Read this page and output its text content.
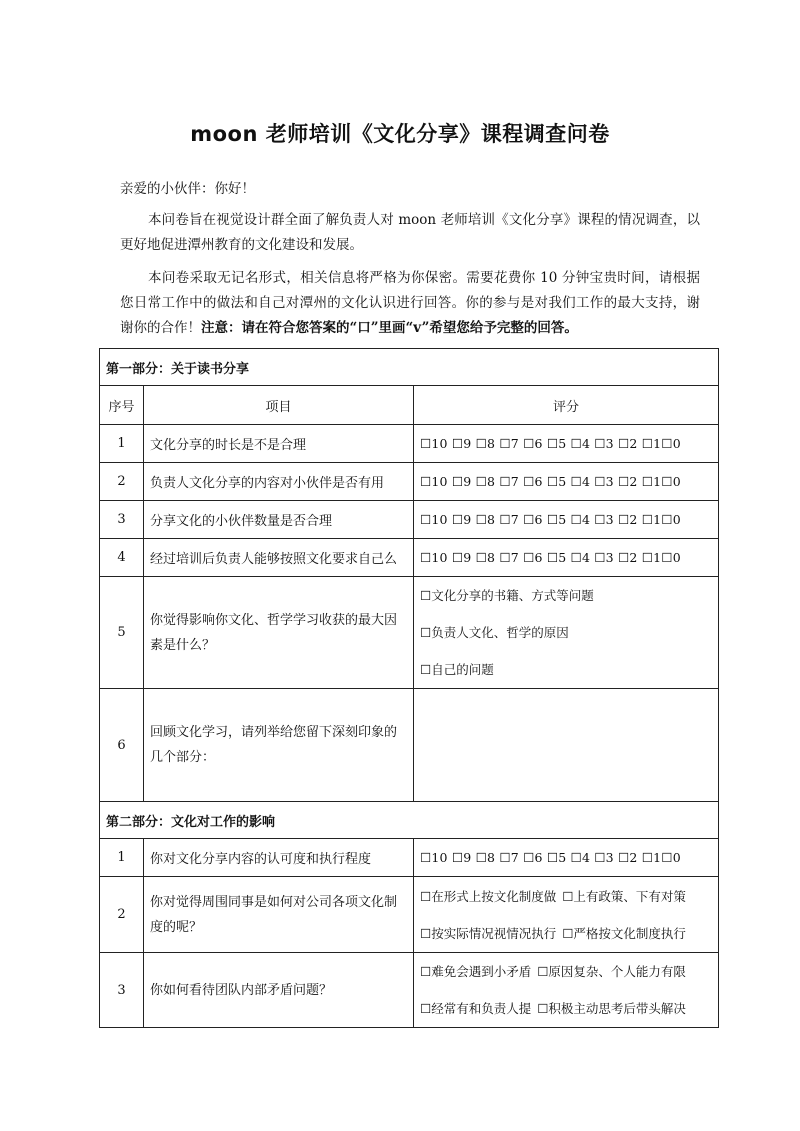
moon 老师培训《文化分享》课程调查问卷
亲爱的小伙伴：你好！
本问卷旨在视觉设计群全面了解负责人对 moon 老师培训《文化分享》课程的情况调查，以更好地促进潭州教育的文化建设和发展。
本问卷采取无记名形式，相关信息将严格为你保密。需要花费你 10 分钟宝贵时间，请根据您日常工作中的做法和自己对潭州的文化认识进行回答。你的参与是对我们工作的最大支持，谢谢你的合作！注意：请在符合您答案的“口”里画“v”希望您给予完整的回答。
第一部分：关于读书分享		
序号	项目	评分
1	文化分享的时长是不是合理	☐10 ☐9 ☐8 ☐7 ☐6 ☐5 ☐4 ☐3 ☐2 ☐1☐0
2	负责人文化分享的内容对小伙伴是否有用	☐10 ☐9 ☐8 ☐7 ☐6 ☐5 ☐4 ☐3 ☐2 ☐1☐0
3	分享文化的小伙伴数量是否合理	☐10 ☐9 ☐8 ☐7 ☐6 ☐5 ☐4 ☐3 ☐2 ☐1☐0
4	经过培训后负责人能够按照文化要求自己么	☐10 ☐9 ☐8 ☐7 ☐6 ☐5 ☐4 ☐3 ☐2 ☐1☐0
5	你觉得影响你文化、哲学学习收获的最大因素是什么？	☐文化分享的书籍、方式等问题
☐负责人文化、哲学的原因
☐自己的问题

6	回顾文化学习，请列举给您留下深刻印象的几个部分：	
第二部分：文化对工作的影响		
1	你对文化分享内容的认可度和执行程度	☐10 ☐9 ☐8 ☐7 ☐6 ☐5 ☐4 ☐3 ☐2 ☐1☐0
2	你对觉得周围同事是如何对公司各项文化制度的呢？	☐在形式上按文化制度做 ☐上有政策、下有对策
☐按实际情况视情况执行 ☐严格按文化制度执行

3	你如何看待团队内部矛盾问题？	☐难免会遇到小矛盾 ☐原因复杂、个人能力有限
☐经常有和负责人提 ☐积极主动思考后带头解决
